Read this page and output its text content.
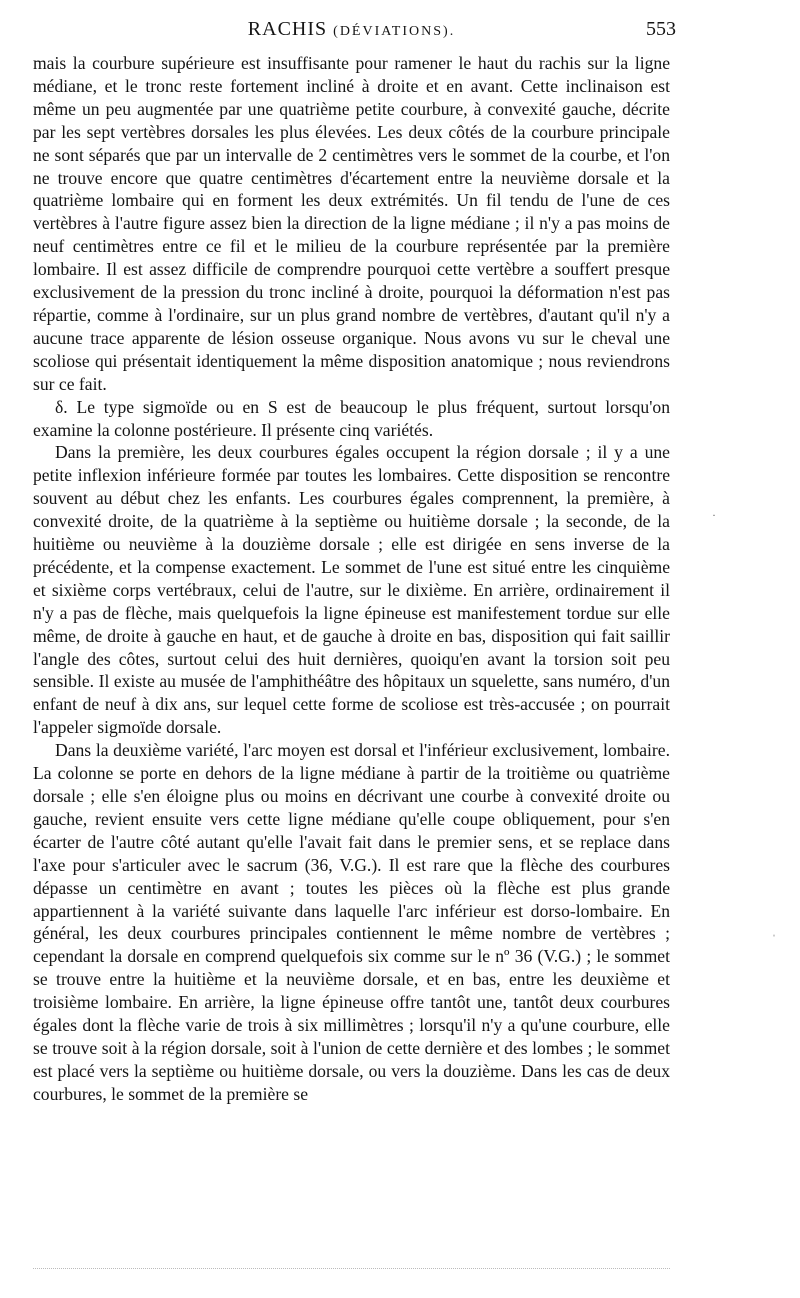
RACHIS (DÉVIATIONS).	553

mais la courbure supérieure est insuffisante pour ramener le haut du rachis sur la ligne médiane, et le tronc reste fortement incliné à droite et en avant. Cette inclinaison est même un peu augmentée par une quatrième petite courbure, à convexité gauche, décrite par les sept vertèbres dorsales les plus élevées. Les deux côtés de la courbure principale ne sont séparés que par un intervalle de 2 centimètres vers le sommet de la courbe, et l'on ne trouve encore que quatre centimètres d'écartement entre la neuvième dorsale et la quatrième lombaire qui en forment les deux extrémités. Un fil tendu de l'une de ces vertèbres à l'autre figure assez bien la direction de la ligne médiane ; il n'y a pas moins de neuf centimètres entre ce fil et le milieu de la courbure représentée par la première lombaire. Il est assez difficile de comprendre pourquoi cette vertèbre a souffert presque exclusivement de la pression du tronc incliné à droite, pourquoi la déformation n'est pas répartie, comme à l'ordinaire, sur un plus grand nombre de vertèbres, d'autant qu'il n'y a aucune trace apparente de lésion osseuse organique. Nous avons vu sur le cheval une scoliose qui présentait identiquement la même disposition anatomique ; nous reviendrons sur ce fait.

δ. Le type sigmoïde ou en S est de beaucoup le plus fréquent, surtout lorsqu'on examine la colonne postérieure. Il présente cinq variétés.

Dans la première, les deux courbures égales occupent la région dorsale ; il y a une petite inflexion inférieure formée par toutes les lombaires. Cette disposition se rencontre souvent au début chez les enfants. Les courbures égales comprennent, la première, à convexité droite, de la quatrième à la septième ou huitième dorsale ; la seconde, de la huitième ou neuvième à la douzième dorsale ; elle est dirigée en sens inverse de la précédente, et la compense exactement. Le sommet de l'une est situé entre les cinquième et sixième corps vertébraux, celui de l'autre, sur le dixième. En arrière, ordinairement il n'y a pas de flèche, mais quelquefois la ligne épineuse est manifestement tordue sur elle même, de droite à gauche en haut, et de gauche à droite en bas, disposition qui fait saillir l'angle des côtes, surtout celui des huit dernières, quoiqu'en avant la torsion soit peu sensible. Il existe au musée de l'amphithéâtre des hôpitaux un squelette, sans numéro, d'un enfant de neuf à dix ans, sur lequel cette forme de scoliose est très-accusée ; on pourrait l'appeler sigmoïde dorsale.

Dans la deuxième variété, l'arc moyen est dorsal et l'inférieur exclusivement, lombaire. La colonne se porte en dehors de la ligne médiane à partir de la troitième ou quatrième dorsale ; elle s'en éloigne plus ou moins en décrivant une courbe à convexité droite ou gauche, revient ensuite vers cette ligne médiane qu'elle coupe obliquement, pour s'en écarter de l'autre côté autant qu'elle l'avait fait dans le premier sens, et se replace dans l'axe pour s'articuler avec le sacrum (36, V.G.). Il est rare que la flèche des courbures dépasse un centimètre en avant ; toutes les pièces où la flèche est plus grande appartiennent à la variété suivante dans laquelle l'arc inférieur est dorso-lombaire. En général, les deux courbures principales contiennent le même nombre de vertèbres ; cependant la dorsale en comprend quelquefois six comme sur le nº 36 (V.G.) ; le sommet se trouve entre la huitième et la neuvième dorsale, et en bas, entre les deuxième et troisième lombaire. En arrière, la ligne épineuse offre tantôt une, tantôt deux courbures égales dont la flèche varie de trois à six millimètres ; lorsqu'il n'y a qu'une courbure, elle se trouve soit à la région dorsale, soit à l'union de cette dernière et des lombes ; le sommet est placé vers la septième ou huitième dorsale, ou vers la douzième. Dans les cas de deux courbures, le sommet de la première se

·
ˈ
